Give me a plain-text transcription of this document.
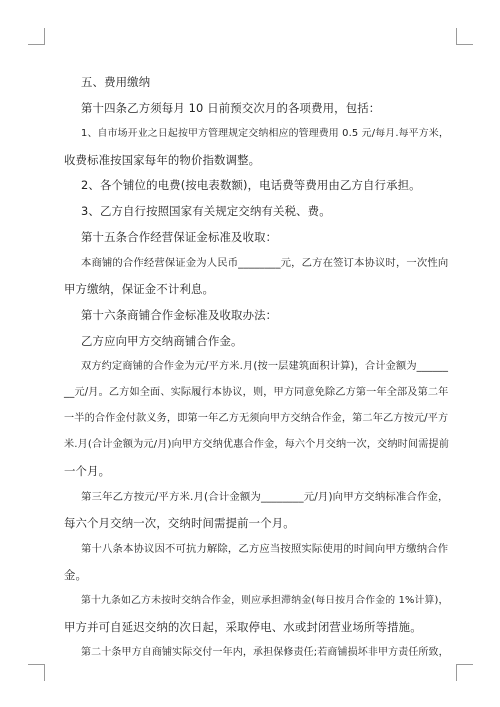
五、费用缴纳
第十四条乙方须每月 10 日前预交次月的各项费用，包括：
1、自市场开业之日起按甲方管理规定交纳相应的管理费用 0.5 元/每月.每平方米，
收费标准按国家每年的物价指数调整。
2、各个铺位的电费(按电表数额)，电话费等费用由乙方自行承担。
3、乙方自行按照国家有关规定交纳有关税、费。
第十五条合作经营保证金标准及收取：
本商铺的合作经营保证金为人民币________元，乙方在签订本协议时，一次性向
甲方缴纳，保证金不计利息。
第十六条商铺合作金标准及收取办法：
乙方应向甲方交纳商铺合作金。
双方约定商铺的合作金为元/平方米.月(按一层建筑面积计算)，合计金额为______
__元/月。乙方如全面、实际履行本协议，则，甲方同意免除乙方第一年全部及第二年
一半的合作金付款义务，即第一年乙方无须向甲方交纳合作金，第二年乙方按元/平方
米.月(合计金额为元/月)向甲方交纳优惠合作金，每六个月交纳一次，交纳时间需提前
一个月。
第三年乙方按元/平方米.月(合计金额为________元/月)向甲方交纳标准合作金，
每六个月交纳一次，交纳时间需提前一个月。
第十八条本协议因不可抗力解除，乙方应当按照实际使用的时间向甲方缴纳合作
金。
第十九条如乙方未按时交纳合作金，则应承担滞纳金(每日按月合作金的 1%计算)，
甲方并可自延迟交纳的次日起，采取停电、水或封闭营业场所等措施。
第二十条甲方自商铺实际交付一年内，承担保修责任;若商铺损坏非甲方责任所致，
